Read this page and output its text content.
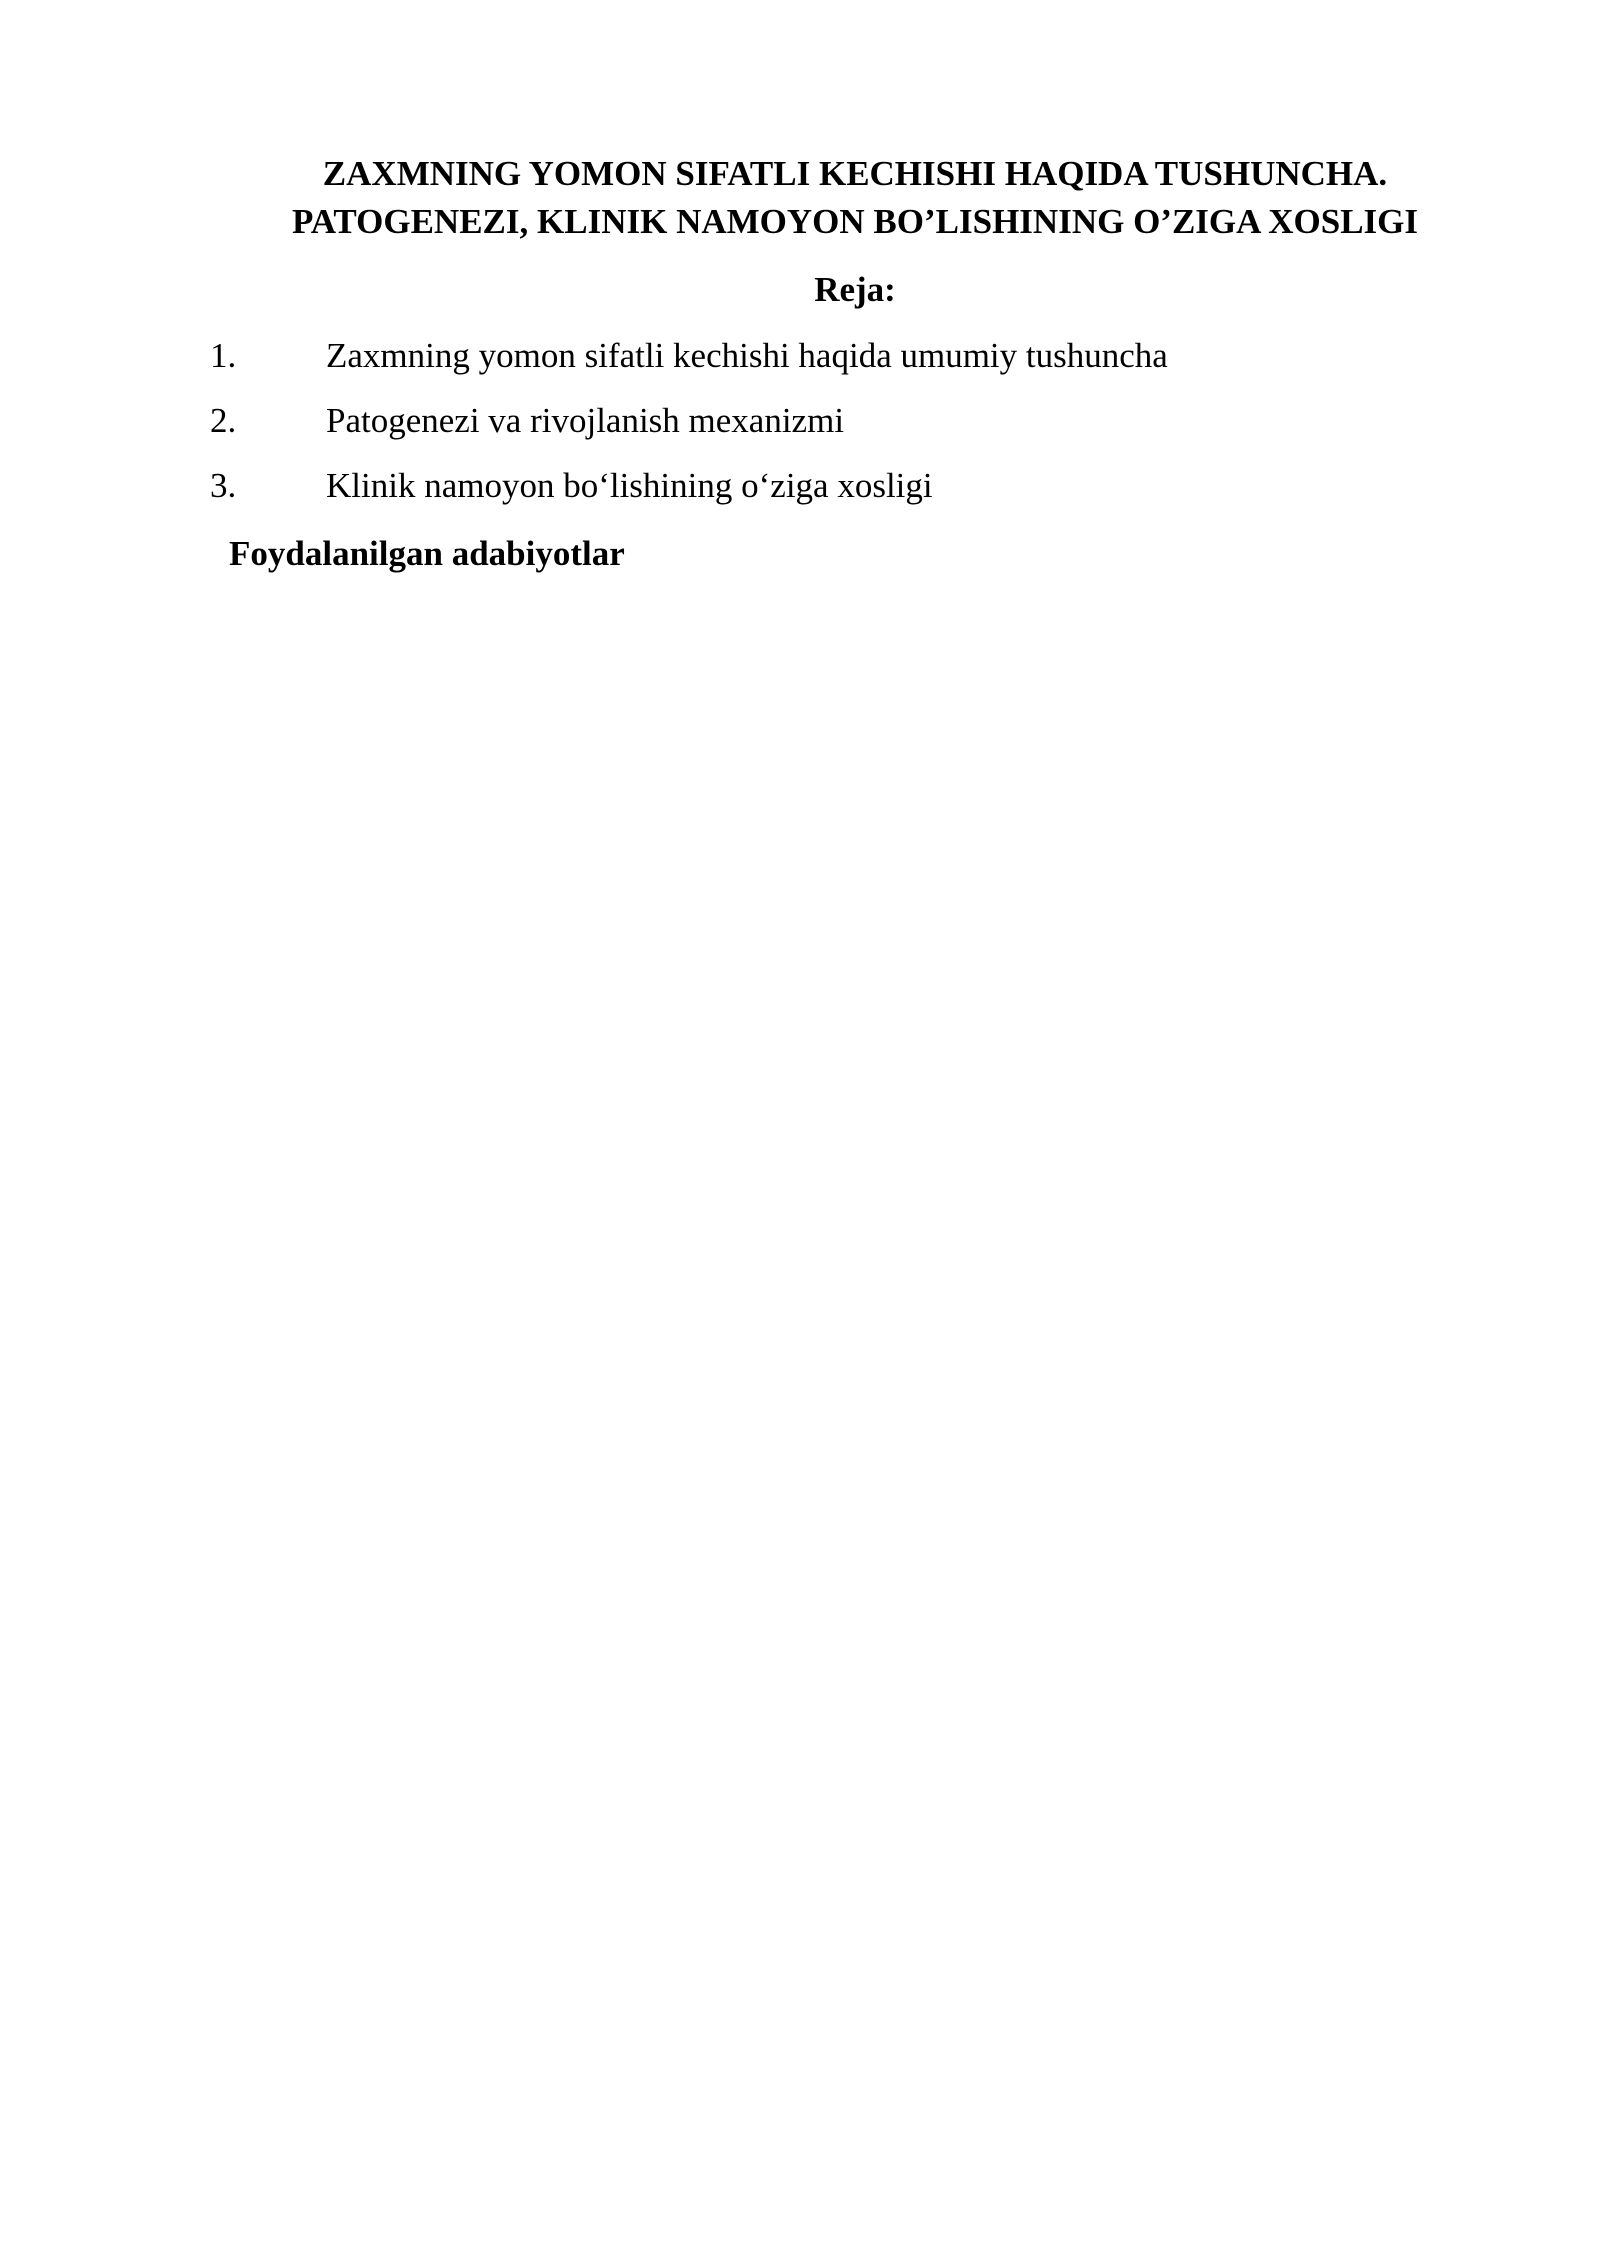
ZAXMNING YOMON SIFATLI KECHISHI HAQIDA TUSHUNCHA.
PATOGENEZI, KLINIK NAMOYON BO’LISHINING O’ZIGA XOSLIGI
Reja:
1.	Zaxmning yomon sifatli kechishi haqida umumiy tushuncha
2.	Patogenezi va rivojlanish mexanizmi
3.	Klinik namoyon bo‘lishining o‘ziga xosligi
Foydalanilgan adabiyotlar
